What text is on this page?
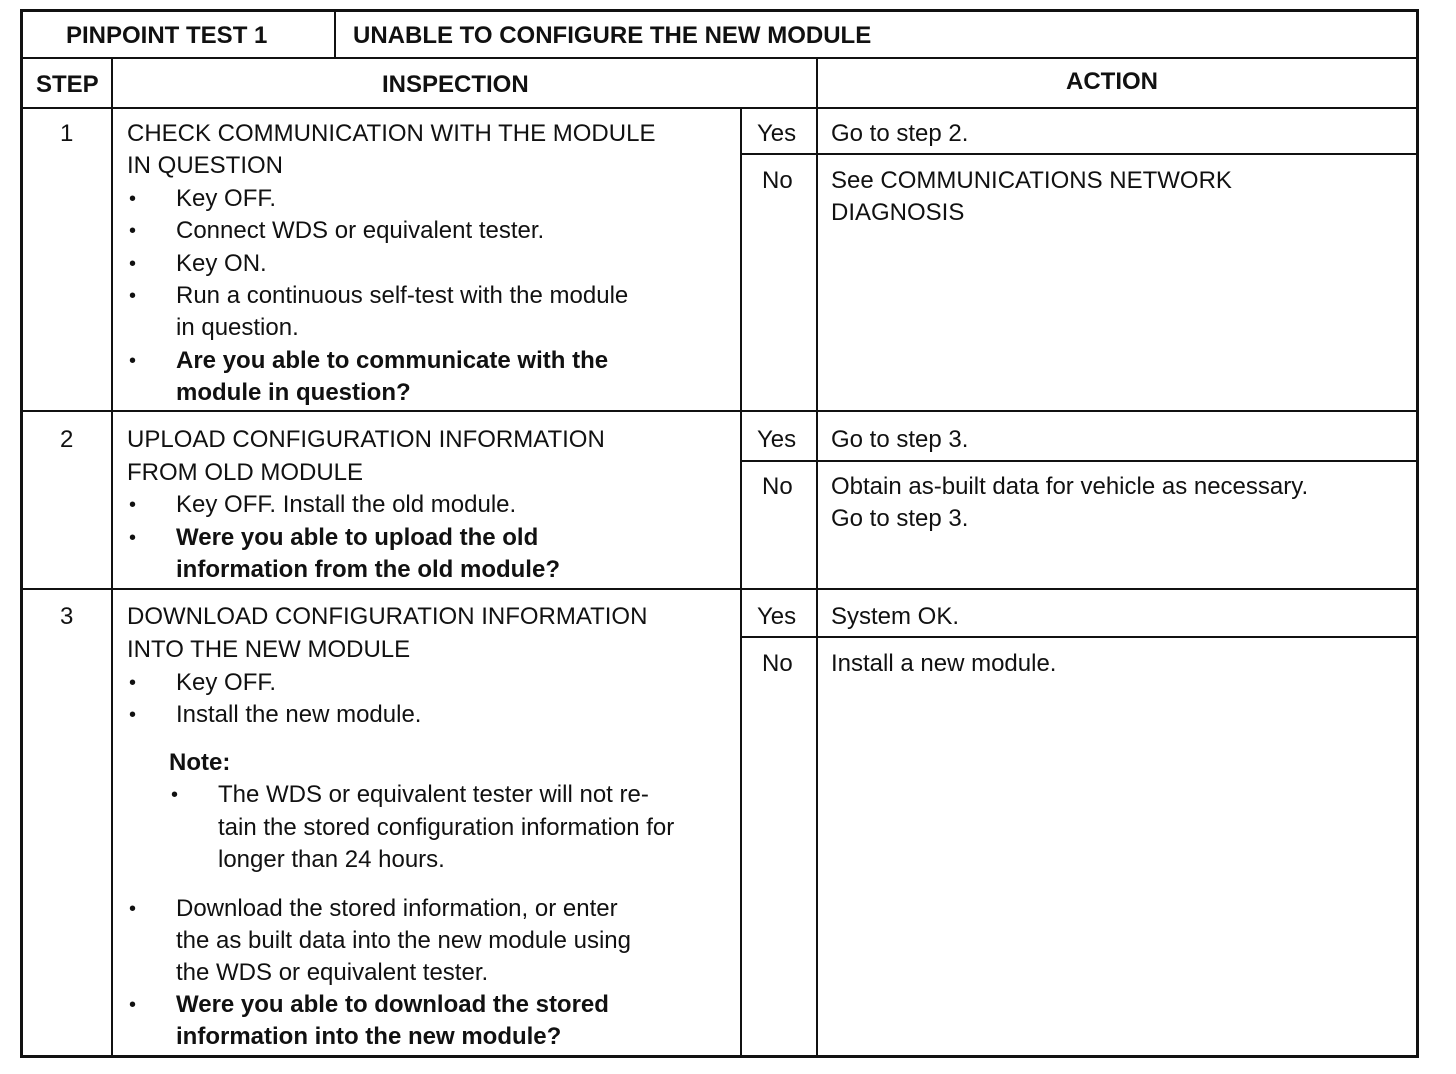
PINPOINT TEST 1	UNABLE TO CONFIGURE THE NEW MODULE
STEP	INSPECTION	ACTION
1 CHECK COMMUNICATION WITH THE MODULE
IN QUESTION
• Key OFF.
• Connect WDS or equivalent tester.
• Key ON.
• Run a continuous self-test with the module
in question.
• Are you able to communicate with the
module in question?
Yes Go to step 2.
No See COMMUNICATIONS NETWORK
DIAGNOSIS
2 UPLOAD CONFIGURATION INFORMATION
FROM OLD MODULE
• Key OFF. Install the old module.
• Were you able to upload the old
information from the old module?
Yes Go to step 3.
No Obtain as-built data for vehicle as necessary.
Go to step 3.
3 DOWNLOAD CONFIGURATION INFORMATION
INTO THE NEW MODULE
• Key OFF.
• Install the new module.
Note:
• The WDS or equivalent tester will not re-
tain the stored configuration information for
longer than 24 hours.
• Download the stored information, or enter
the as built data into the new module using
the WDS or equivalent tester.
• Were you able to download the stored
information into the new module?
Yes System OK.
No Install a new module.
